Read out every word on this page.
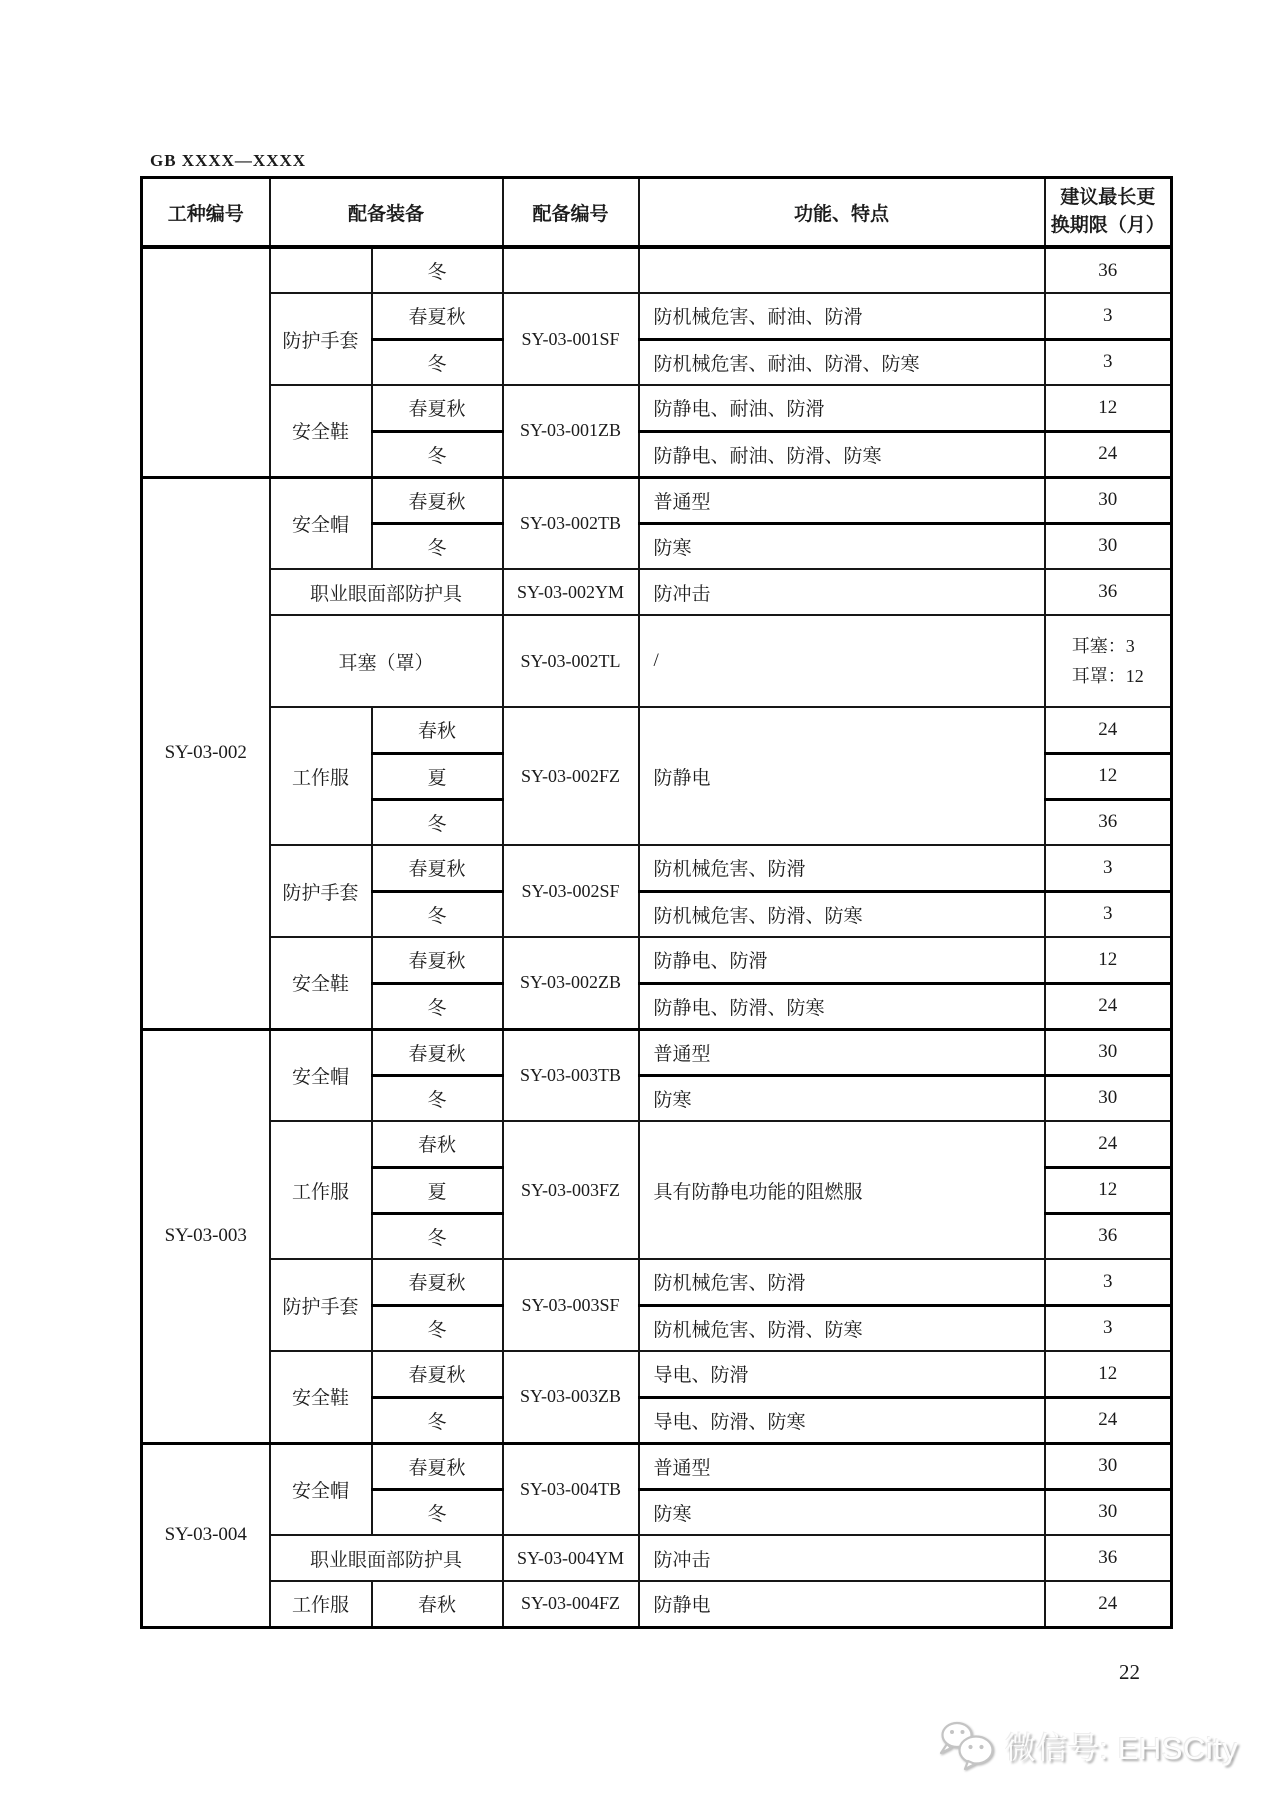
GB XXXX—XXXX
工种编号	配备装备		配备编号	功能、特点	建议最长更
换期限（月）

		冬			36
	防护手套	春夏秋	SY-03-001SF	防机械危害、耐油、防滑	3
		冬		防机械危害、耐油、防滑、防寒	3
	安全鞋	春夏秋	SY-03-001ZB	防静电、耐油、防滑	12
		冬		防静电、耐油、防滑、防寒	24
SY-03-002	安全帽	春夏秋	SY-03-002TB	普通型	30
		冬		防寒	30
	职业眼面部防护具		SY-03-002YM	防冲击	36
	耳塞（罩）		SY-03-002TL	/	耳塞：3
耳罩：12

	工作服	春秋	SY-03-002FZ	防静电	24
		夏			12
		冬			36
	防护手套	春夏秋	SY-03-002SF	防机械危害、防滑	3
		冬		防机械危害、防滑、防寒	3
	安全鞋	春夏秋	SY-03-002ZB	防静电、防滑	12
		冬		防静电、防滑、防寒	24
SY-03-003	安全帽	春夏秋	SY-03-003TB	普通型	30
		冬		防寒	30
	工作服	春秋	SY-03-003FZ	具有防静电功能的阻燃服	24
		夏			12
		冬			36
	防护手套	春夏秋	SY-03-003SF	防机械危害、防滑	3
		冬		防机械危害、防滑、防寒	3
	安全鞋	春夏秋	SY-03-003ZB	导电、防滑	12
		冬		导电、防滑、防寒	24
SY-03-004	安全帽	春夏秋	SY-03-004TB	普通型	30
		冬		防寒	30
	职业眼面部防护具		SY-03-004YM	防冲击	36
	工作服	春秋	SY-03-004FZ	防静电	24
22
微信号: EHSCity
